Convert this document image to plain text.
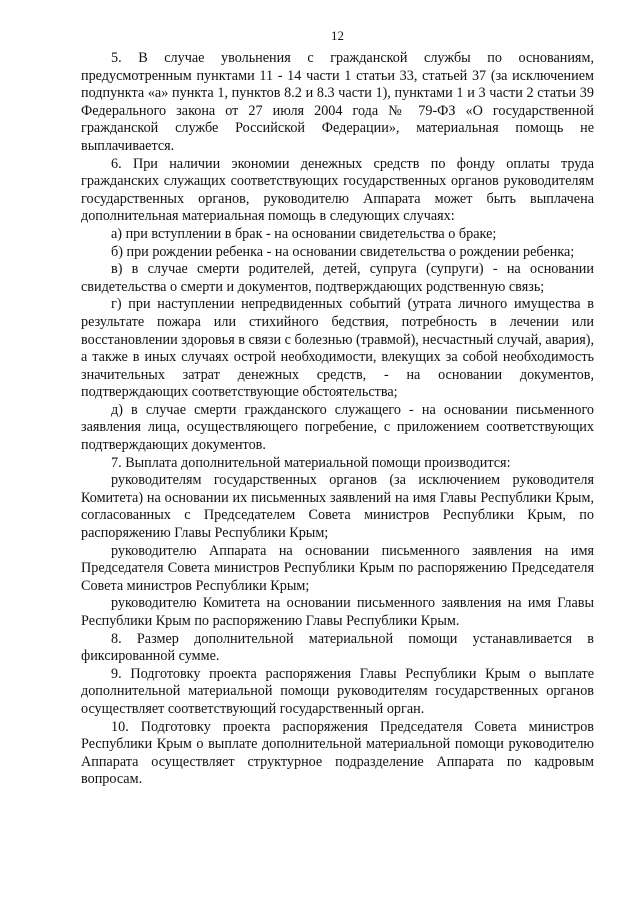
12

5. В случае увольнения с гражданской службы по основаниям, предусмотренным пунктами 11 - 14 части 1 статьи 33, статьей 37 (за исключением подпункта «а» пункта 1, пунктов 8.2 и 8.3 части 1), пунктами 1 и 3 части 2 статьи 39 Федерального закона от 27 июля 2004 года № 79-ФЗ «О государственной гражданской службе Российской Федерации», материальная помощь не выплачивается.

6. При наличии экономии денежных средств по фонду оплаты труда гражданских служащих соответствующих государственных органов руководителям государственных органов, руководителю Аппарата может быть выплачена дополнительная материальная помощь в следующих случаях:

а) при вступлении в брак - на основании свидетельства о браке;

б) при рождении ребенка - на основании свидетельства о рождении ребенка;

в) в случае смерти родителей, детей, супруга (супруги) - на основании свидетельства о смерти и документов, подтверждающих родственную связь;

г) при наступлении непредвиденных событий (утрата личного имущества в результате пожара или стихийного бедствия, потребность в лечении или восстановлении здоровья в связи с болезнью (травмой), несчастный случай, авария), а также в иных случаях острой необходимости, влекущих за собой необходимость значительных затрат денежных средств, - на основании документов, подтверждающих соответствующие обстоятельства;

д) в случае смерти гражданского служащего - на основании письменного заявления лица, осуществляющего погребение, с приложением соответствующих подтверждающих документов.

7. Выплата дополнительной материальной помощи производится:

руководителям государственных органов (за исключением руководителя Комитета) на основании их письменных заявлений на имя Главы Республики Крым, согласованных с Председателем Совета министров Республики Крым, по распоряжению Главы Республики Крым;

руководителю Аппарата на основании письменного заявления на имя Председателя Совета министров Республики Крым по распоряжению Председателя Совета министров Республики Крым;

руководителю Комитета на основании письменного заявления на имя Главы Республики Крым по распоряжению Главы Республики Крым.

8. Размер дополнительной материальной помощи устанавливается в фиксированной сумме.

9. Подготовку проекта распоряжения Главы Республики Крым о выплате дополнительной материальной помощи руководителям государственных органов осуществляет соответствующий государственный орган.

10. Подготовку проекта распоряжения Председателя Совета министров Республики Крым о выплате дополнительной материальной помощи руководителю Аппарата осуществляет структурное подразделение Аппарата по кадровым вопросам.
